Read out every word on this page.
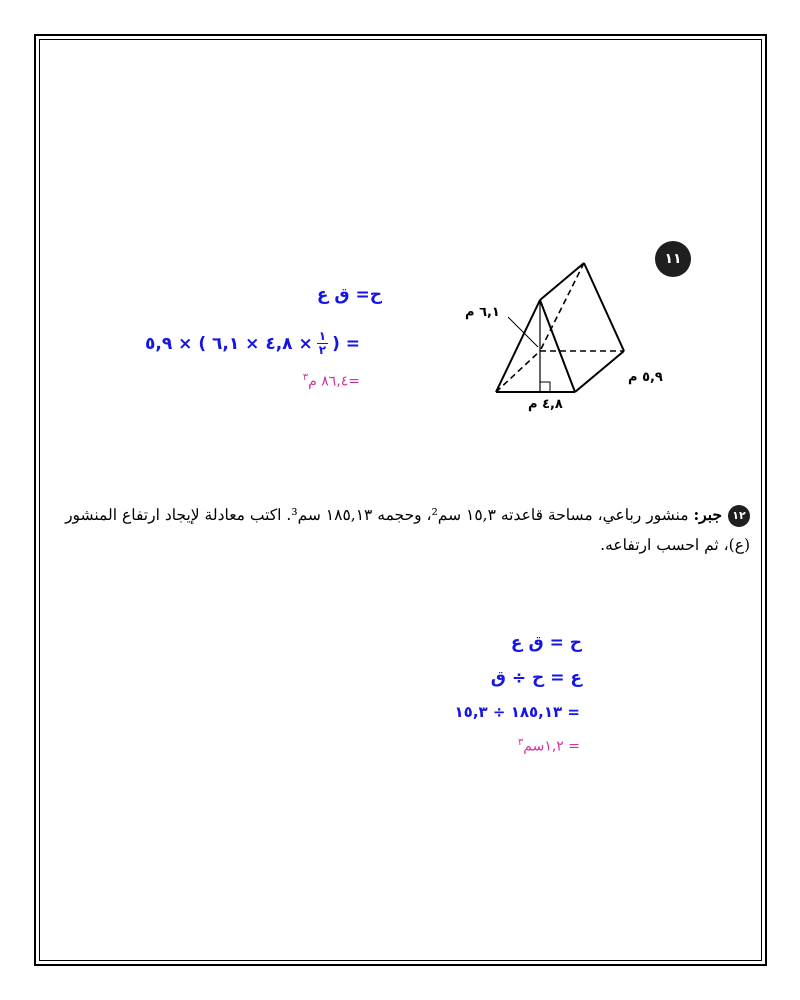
١١
٦,١ م
٥,٩ م
٤,٨ م
ح= ق ع
= (
$\frac{١}{٢}$
× ٤,٨ × ٦,١ ) × ٥,٩
=٨٦,٤ م$^٣$
١٢جبر: منشور رباعي، مساحة قاعدته ١٥,٣ سم²، وحجمه ١٨٥,١٣ سم³. اكتب معادلة لإيجاد ارتفاع المنشور (ع)، ثم احسب ارتفاعه.
ح = ق ع
ع = ح ÷ ق
= ١٨٥,١٣ ÷ ١٥,٣
= ١,٢سم$^٣$
